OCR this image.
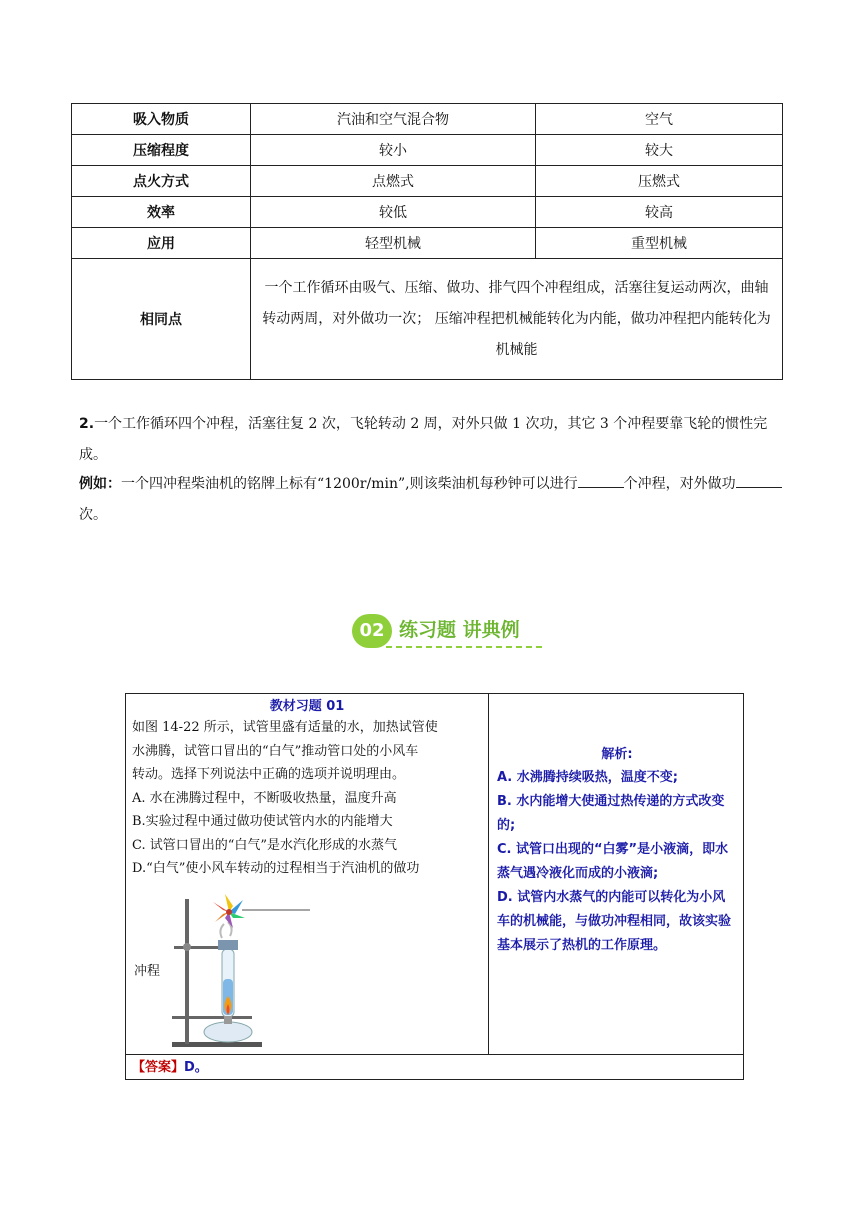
吸入物质	汽油和空气混合物	空气
压缩程度	较小	较大
点火方式	点燃式	压燃式
效率	较低	较高
应用	轻型机械	重型机械
相同点	一个工作循环由吸气、压缩、做功、排气四个冲程组成，活塞往复运动两次，曲轴转动两周，对外做功一次； 压缩冲程把机械能转化为内能，做功冲程把内能转化为机械能	
2.一个工作循环四个冲程，活塞往复 2 次，飞轮转动 2 周，对外只做 1 次功，其它 3 个冲程要靠飞轮的惯性完成。
例如：一个四冲程柴油机的铭牌上标有“1200r/min”,则该柴油机每秒钟可以进行	个冲程，对外做功次。
02 练习题 讲典例
教材习题 01
如图 14-22 所示，试管里盛有适量的水，加热试管使
水沸腾，试管口冒出的“白气”推动管口处的小风车
转动。选择下列说法中正确的选项并说明理由。
A. 水在沸腾过程中，不断吸收热量，温度升高
B.实验过程中通过做功使试管内水的内能增大
C. 试管口冒出的“白气”是水汽化形成的水蒸气
D.“白气”使小风车转动的过程相当于汽油机的做功
冲程
解析:
A. 水沸腾持续吸热，温度不变;
B. 水内能增大使通过热传递的方式改变的;
C. 试管口出现的“白雾”是小液滴，即水蒸气遇冷液化而成的小液滴;
D. 试管内水蒸气的内能可以转化为小风车的机械能，与做功冲程相同，故该实验基本展示了热机的工作原理。
【答案】D。
